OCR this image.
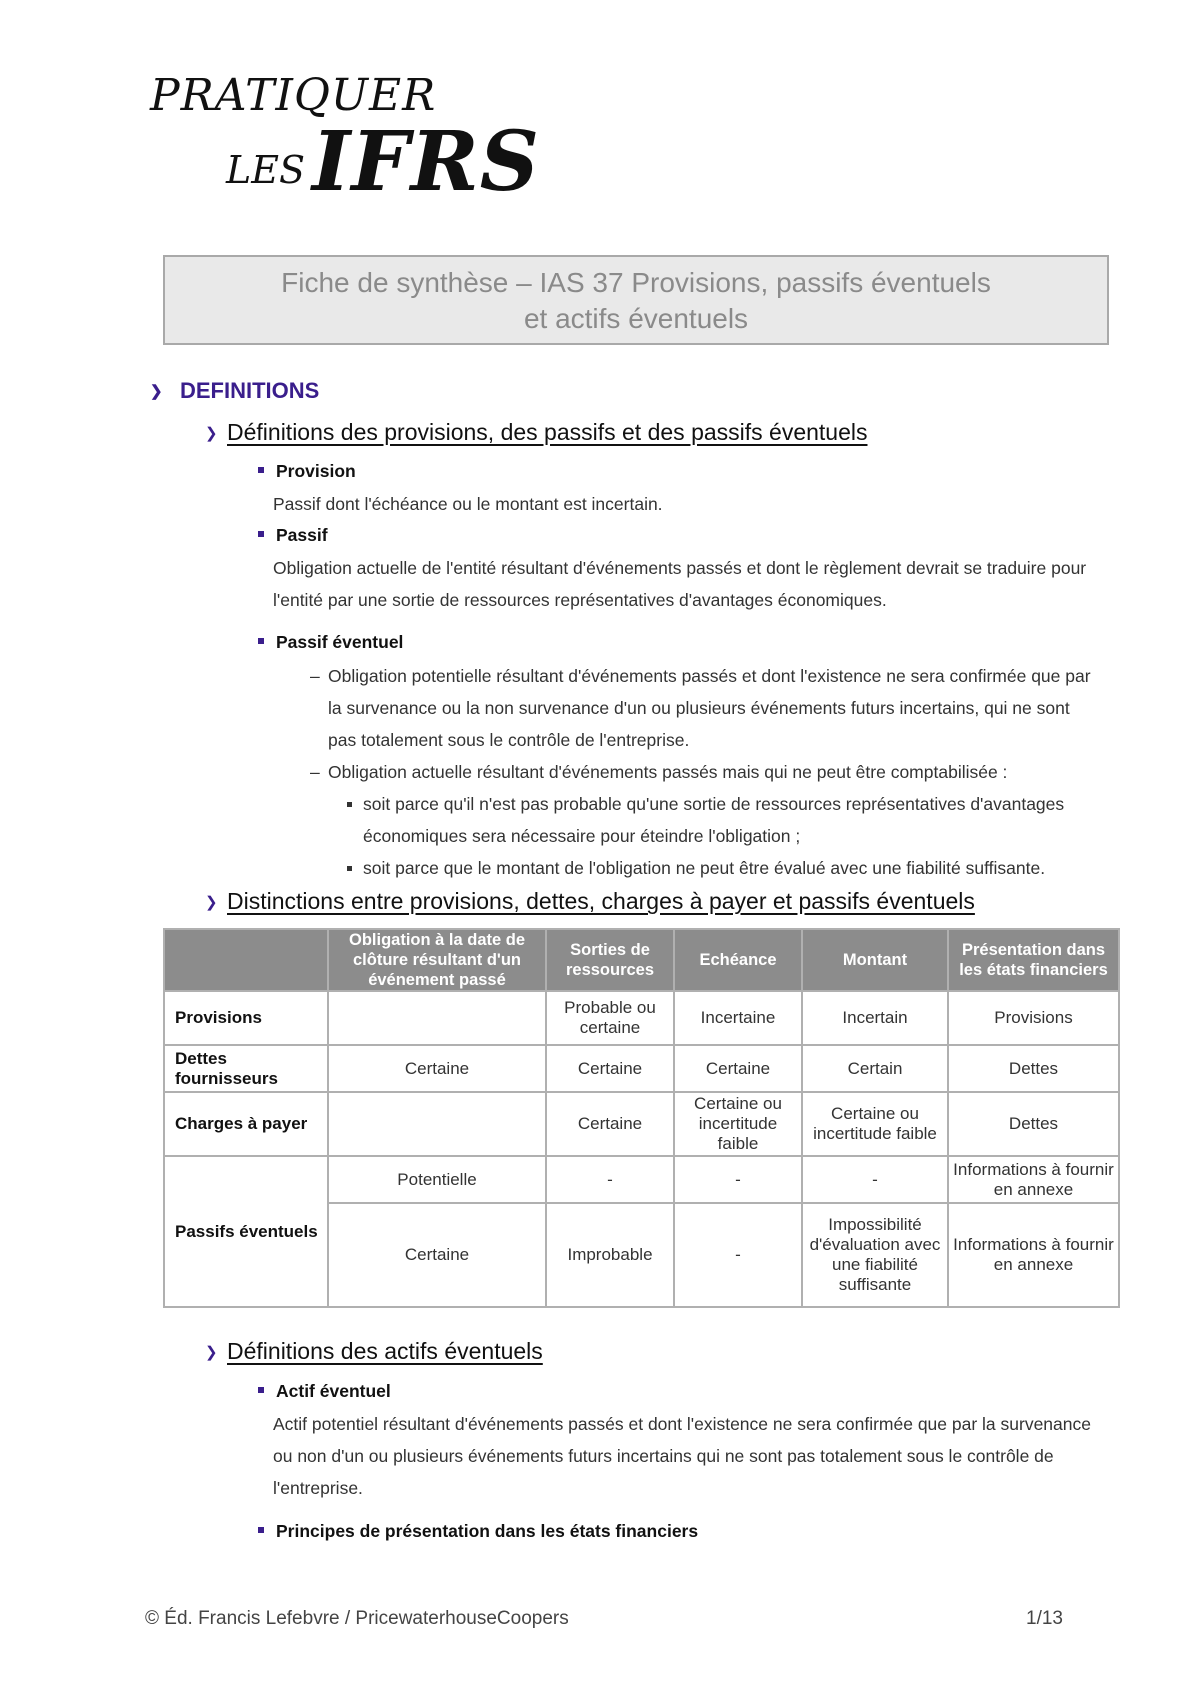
PRATIQUER
LES IFRS
Fiche de synthèse – IAS 37 Provisions, passifs éventuels
et actifs éventuels
❯ DEFINITIONS
❯ Définitions des provisions, des passifs et des passifs éventuels
Provision
Passif dont l'échéance ou le montant est incertain.
Passif
Obligation actuelle de l'entité résultant d'événements passés et dont le règlement devrait se traduire pour
l'entité par une sortie de ressources représentatives d'avantages économiques.
Passif éventuel
– Obligation potentielle résultant d'événements passés et dont l'existence ne sera confirmée que par
la survenance ou la non survenance d'un ou plusieurs événements futurs incertains, qui ne sont
pas totalement sous le contrôle de l'entreprise.
– Obligation actuelle résultant d'événements passés mais qui ne peut être comptabilisée :
soit parce qu'il n'est pas probable qu'une sortie de ressources représentatives d'avantages
économiques sera nécessaire pour éteindre l'obligation ;
soit parce que le montant de l'obligation ne peut être évalué avec une fiabilité suffisante.
❯ Distinctions entre provisions, dettes, charges à payer et passifs éventuels
	Obligation à la date de clôture résultant d'un événement passé	Sorties de ressources	Echéance	Montant	Présentation dans les états financiers
Provisions		Probable ou certaine	Incertaine	Incertain	Provisions
Dettes fournisseurs	Certaine	Certaine	Certaine	Certain	Dettes
Charges à payer		Certaine	Certaine ou incertitude faible	Certaine ou incertitude faible	Dettes
Passifs éventuels	Potentielle	-	-	-	Informations à fournir en annexe
	Certaine	Improbable	-	Impossibilité d'évaluation avec une fiabilité suffisante	Informations à fournir en annexe
❯ Définitions des actifs éventuels
Actif éventuel
Actif potentiel résultant d'événements passés et dont l'existence ne sera confirmée que par la survenance
ou non d'un ou plusieurs événements futurs incertains qui ne sont pas totalement sous le contrôle de
l'entreprise.
Principes de présentation dans les états financiers
© Éd. Francis Lefebvre / PricewaterhouseCoopers	1/13
